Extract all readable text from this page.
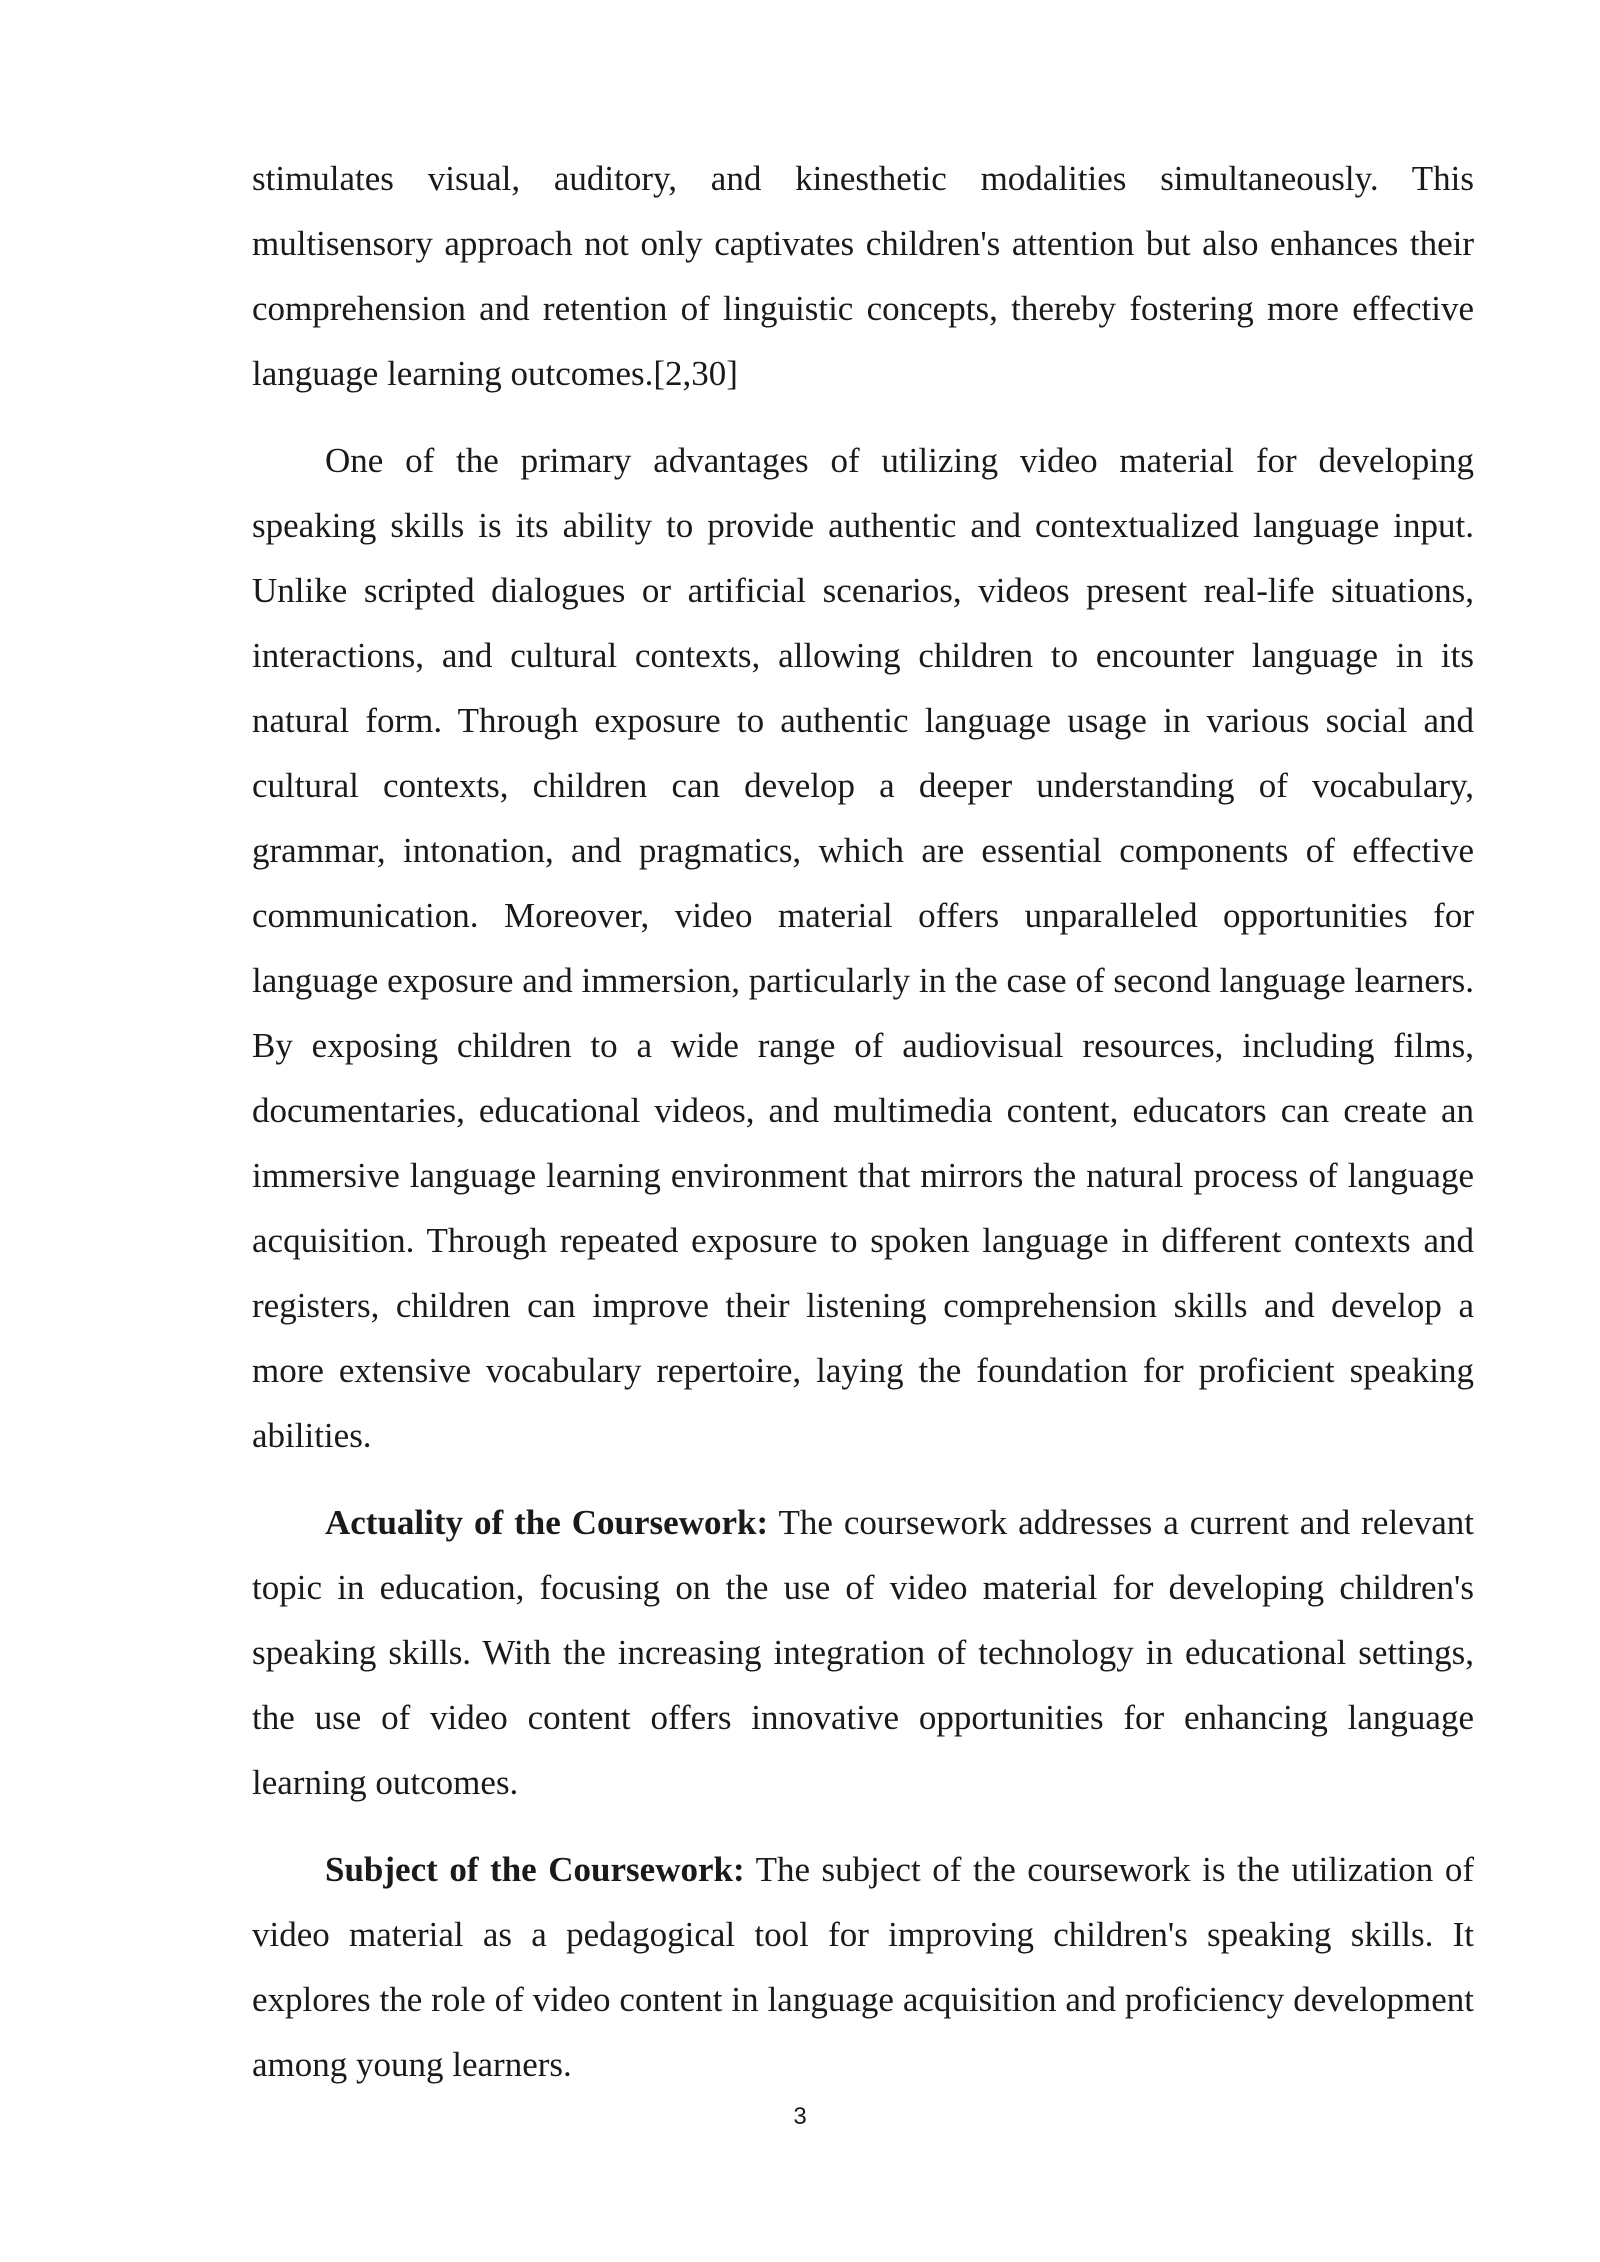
stimulates visual, auditory, and kinesthetic modalities simultaneously. This multisensory approach not only captivates children's attention but also enhances their comprehension and retention of linguistic concepts, thereby fostering more effective language learning outcomes.[2,30]

One of the primary advantages of utilizing video material for developing speaking skills is its ability to provide authentic and contextualized language input. Unlike scripted dialogues or artificial scenarios, videos present real-life situations, interactions, and cultural contexts, allowing children to encounter language in its natural form. Through exposure to authentic language usage in various social and cultural contexts, children can develop a deeper understanding of vocabulary, grammar, intonation, and pragmatics, which are essential components of effective communication. Moreover, video material offers unparalleled opportunities for language exposure and immersion, particularly in the case of second language learners. By exposing children to a wide range of audiovisual resources, including films, documentaries, educational videos, and multimedia content, educators can create an immersive language learning environment that mirrors the natural process of language acquisition. Through repeated exposure to spoken language in different contexts and registers, children can improve their listening comprehension skills and develop a more extensive vocabulary repertoire, laying the foundation for proficient speaking abilities.

Actuality of the Coursework: The coursework addresses a current and relevant topic in education, focusing on the use of video material for developing children's speaking skills. With the increasing integration of technology in educational settings, the use of video content offers innovative opportunities for enhancing language learning outcomes.

Subject of the Coursework: The subject of the coursework is the utilization of video material as a pedagogical tool for improving children's speaking skills. It explores the role of video content in language acquisition and proficiency development among young learners.

3
